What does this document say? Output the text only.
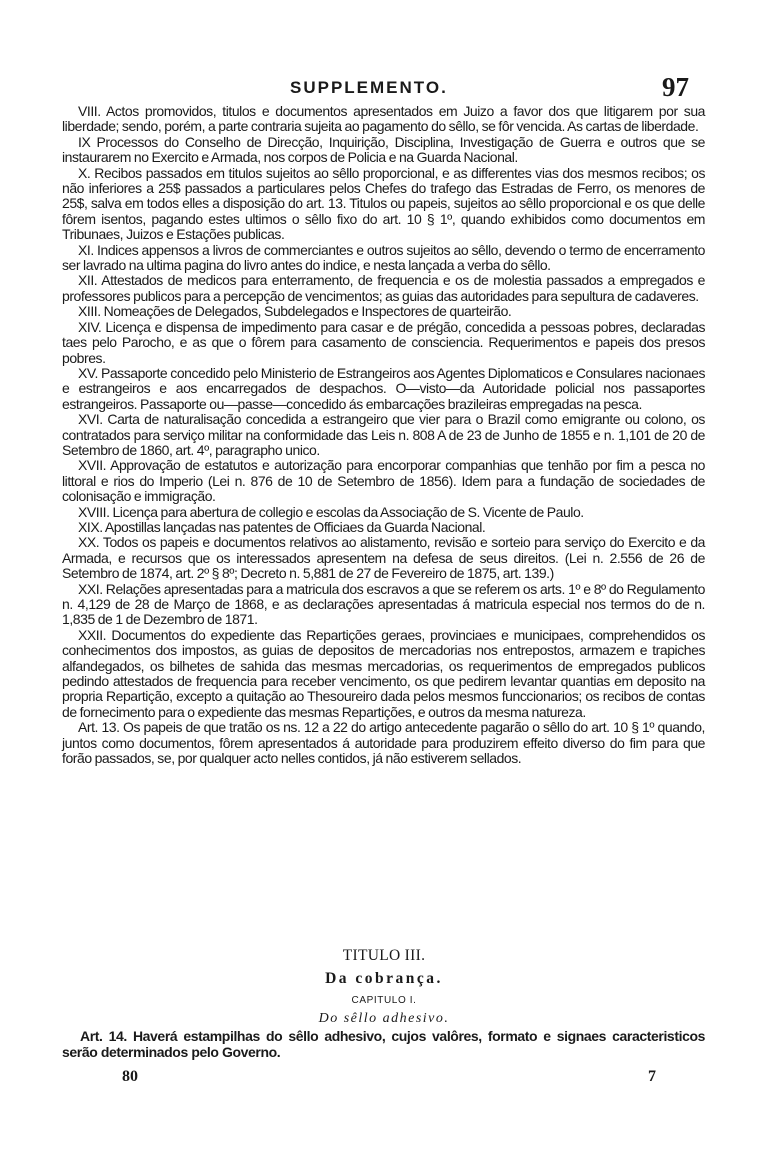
SUPPLEMENTO.	97

VIII. Actos promovidos, titulos e documentos apresentados em Juizo a favor dos que litigarem por sua liberdade; sendo, porém, a parte contraria sujeita ao pagamento do sêllo, se fôr vencida. As cartas de liberdade.

IX Processos do Conselho de Direcção, Inquirição, Disciplina, Investigação de Guerra e outros que se instaurarem no Exercito e Armada, nos corpos de Policia e na Guarda Nacional.

X. Recibos passados em titulos sujeitos ao sêllo proporcional, e as differentes vias dos mesmos recibos; os não inferiores a 25$ passados a particulares pelos Chefes do trafego das Estradas de Ferro, os menores de 25$, salva em todos elles a disposição do art. 13. Titulos ou papeis, sujeitos ao sêllo proporcional e os que delle fôrem isentos, pagando estes ultimos o sêllo fixo do art. 10 § 1º, quando exhibidos como documentos em Tribunaes, Juizos e Estações publicas.

XI. Indices appensos a livros de commerciantes e outros sujeitos ao sêllo, devendo o termo de encerramento ser lavrado na ultima pagina do livro antes do indice, e nesta lançada a verba do sêllo.

XII. Attestados de medicos para enterramento, de frequencia e os de molestia passados a empregados e professores publicos para a percepção de vencimentos; as guias das autoridades para sepultura de cadaveres.

XIII. Nomeações de Delegados, Subdelegados e Inspectores de quarteirão.

XIV. Licença e dispensa de impedimento para casar e de prégão, concedida a pessoas pobres, declaradas taes pelo Parocho, e as que o fôrem para casamento de consciencia. Requerimentos e papeis dos presos pobres.

XV. Passaporte concedido pelo Ministerio de Estrangeiros aos Agentes Diplomaticos e Consulares nacionaes e estrangeiros e aos encarregados de despachos. O—visto—da Autoridade policial nos passaportes estrangeiros. Passaporte ou—passe—concedido ás embarcações brazileiras empregadas na pesca.

XVI. Carta de naturalisação concedida a estrangeiro que vier para o Brazil como emigrante ou colono, os contratados para serviço militar na conformidade das Leis n. 808 A de 23 de Junho de 1855 e n. 1,101 de 20 de Setembro de 1860, art. 4º, paragrapho unico.

XVII. Approvação de estatutos e autorização para encorporar companhias que tenhão por fim a pesca no littoral e rios do Imperio (Lei n. 876 de 10 de Setembro de 1856). Idem para a fundação de sociedades de colonisação e immigração.

XVIII. Licença para abertura de collegio e escolas da Associação de S. Vicente de Paulo.

XIX. Apostillas lançadas nas patentes de Officiaes da Guarda Nacional.

XX. Todos os papeis e documentos relativos ao alistamento, revisão e sorteio para serviço do Exercito e da Armada, e recursos que os interessados apresentem na defesa de seus direitos. (Lei n. 2.556 de 26 de Setembro de 1874, art. 2º § 8º; Decreto n. 5,881 de 27 de Fevereiro de 1875, art. 139.)

XXI. Relações apresentadas para a matricula dos escravos a que se referem os arts. 1º e 8º do Regulamento n. 4,129 de 28 de Março de 1868, e as declarações apresentadas á matricula especial nos termos do de n. 1,835 de 1 de Dezembro de 1871.

XXII. Documentos do expediente das Repartições geraes, provinciaes e municipaes, comprehendidos os conhecimentos dos impostos, as guias de depositos de mercadorias nos entrepostos, armazem e trapiches alfandegados, os bilhetes de sahida das mesmas mercadorias, os requerimentos de empregados publicos pedindo attestados de frequencia para receber vencimento, os que pedirem levantar quantias em deposito na propria Repartição, excepto a quitação ao Thesoureiro dada pelos mesmos funccionarios; os recibos de contas de fornecimento para o expediente das mesmas Repartições, e outros da mesma natureza.

Art. 13. Os papeis de que tratão os ns. 12 a 22 do artigo antecedente pagarão o sêllo do art. 10 § 1º quando, juntos como documentos, fôrem apresentados á autoridade para produzirem effeito diverso do fim para que forão passados, se, por qualquer acto nelles contidos, já não estiverem sellados.

TITULO III.
Da cobrança.
CAPITULO I.
Do sêllo adhesivo.

Art. 14. Haverá estampilhas do sêllo adhesivo, cujos valôres, formato e signaes caracteristicos serão determinados pelo Governo.

80	7
